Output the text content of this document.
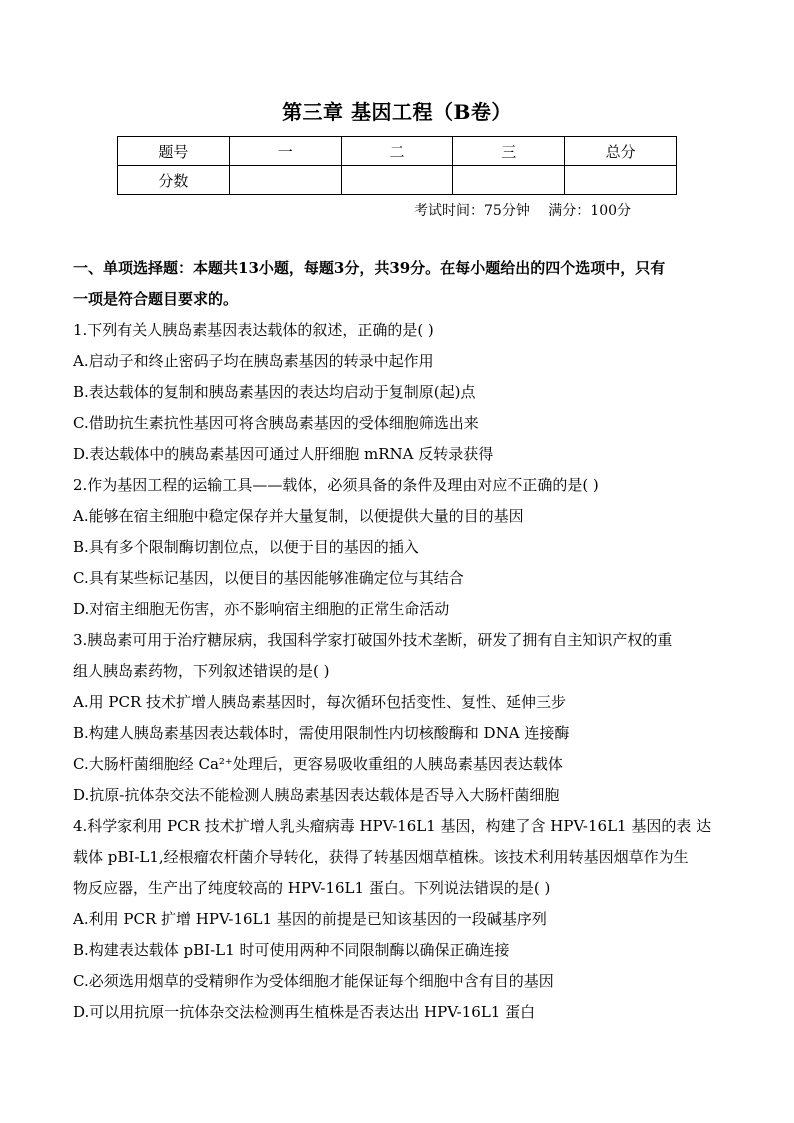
第三章 基因工程（B卷）
题号	一	二	三	总分
分数				
考试时间：75分钟 满分：100分
一、单项选择题：本题共13小题，每题3分，共39分。在每小题给出的四个选项中，只有
一项是符合题目要求的。
1.下列有关人胰岛素基因表达载体的叙述，正确的是( )
A.启动子和终止密码子均在胰岛素基因的转录中起作用
B.表达载体的复制和胰岛素基因的表达均启动于复制原(起)点
C.借助抗生素抗性基因可将含胰岛素基因的受体细胞筛选出来
D.表达载体中的胰岛素基因可通过人肝细胞 mRNA 反转录获得
2.作为基因工程的运输工具——载体，必须具备的条件及理由对应不正确的是( )
A.能够在宿主细胞中稳定保存并大量复制，以便提供大量的目的基因
B.具有多个限制酶切割位点，以便于目的基因的插入
C.具有某些标记基因，以便目的基因能够准确定位与其结合
D.对宿主细胞无伤害，亦不影响宿主细胞的正常生命活动
3.胰岛素可用于治疗糖尿病，我国科学家打破国外技术垄断，研发了拥有自主知识产权的重
组人胰岛素药物，下列叙述错误的是( )
A.用 PCR 技术扩增人胰岛素基因时，每次循环包括变性、复性、延伸三步
B.构建人胰岛素基因表达载体时，需使用限制性内切核酸酶和 DNA 连接酶
C.大肠杆菌细胞经 Ca²⁺处理后，更容易吸收重组的人胰岛素基因表达载体
D.抗原-抗体杂交法不能检测人胰岛素基因表达载体是否导入大肠杆菌细胞
4.科学家利用 PCR 技术扩增人乳头瘤病毒 HPV-16L1 基因，构建了含 HPV-16L1 基因的表 达
载体 pBI-L1,经根瘤农杆菌介导转化，获得了转基因烟草植株。该技术利用转基因烟草作为生
物反应器，生产出了纯度较高的 HPV-16L1 蛋白。下列说法错误的是( )
A.利用 PCR 扩增 HPV-16L1 基因的前提是已知该基因的一段碱基序列
B.构建表达载体 pBI-L1 时可使用两种不同限制酶以确保正确连接
C.必须选用烟草的受精卵作为受体细胞才能保证每个细胞中含有目的基因
D.可以用抗原一抗体杂交法检测再生植株是否表达出 HPV-16L1 蛋白
